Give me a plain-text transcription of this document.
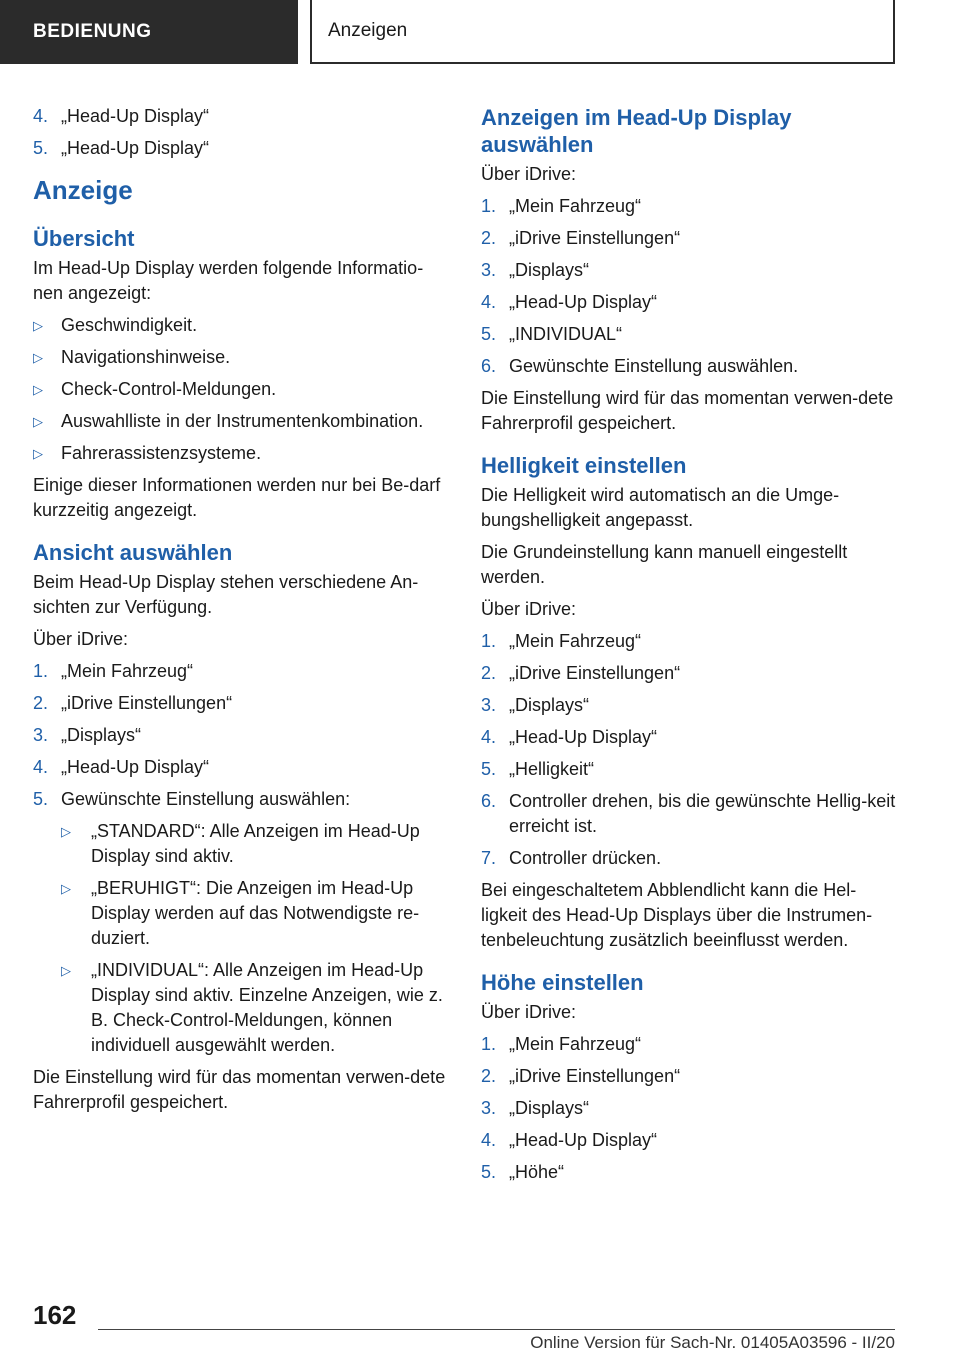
BEDIENUNG	Anzeigen
4. „Head-Up Display“
5. „Head-Up Display“
Anzeige
Übersicht

Im Head-Up Display werden folgende Informatio-nen angezeigt:

▷ Geschwindigkeit.
▷ Navigationshinweise.
▷ Check-Control-Meldungen.
▷ Auswahlliste in der Instrumentenkombination.
▷ Fahrerassistenzsysteme.

Einige dieser Informationen werden nur bei Be-darf kurzzeitig angezeigt.

Ansicht auswählen

Beim Head-Up Display stehen verschiedene An-sichten zur Verfügung.

Über iDrive:

1. „Mein Fahrzeug“
2. „iDrive Einstellungen“
3. „Displays“
4. „Head-Up Display“
5. Gewünschte Einstellung auswählen:
▷ „STANDARD“: Alle Anzeigen im Head-Up Display sind aktiv.
▷ „BERUHIGT“: Die Anzeigen im Head-Up Display werden auf das Notwendigste re-duziert.
▷ „INDIVIDUAL“: Alle Anzeigen im Head-Up Display sind aktiv. Einzelne Anzeigen, wie z. B. Check-Control-Meldungen, können individuell ausgewählt werden.

Die Einstellung wird für das momentan verwen-dete Fahrerprofil gespeichert.

Anzeigen im Head-Up Display auswählen

Über iDrive:

1. „Mein Fahrzeug“
2. „iDrive Einstellungen“
3. „Displays“
4. „Head-Up Display“
5. „INDIVIDUAL“
6. Gewünschte Einstellung auswählen.

Die Einstellung wird für das momentan verwen-dete Fahrerprofil gespeichert.

Helligkeit einstellen

Die Helligkeit wird automatisch an die Umge-bungshelligkeit angepasst.

Die Grundeinstellung kann manuell eingestellt werden.

Über iDrive:

1. „Mein Fahrzeug“
2. „iDrive Einstellungen“
3. „Displays“
4. „Head-Up Display“
5. „Helligkeit“
6. Controller drehen, bis die gewünschte Hellig-keit erreicht ist.
7. Controller drücken.

Bei eingeschaltetem Abblendlicht kann die Hel-ligkeit des Head-Up Displays über die Instrumen-tenbeleuchtung zusätzlich beeinflusst werden.

Höhe einstellen

Über iDrive:

1. „Mein Fahrzeug“
2. „iDrive Einstellungen“
3. „Displays“
4. „Head-Up Display“
5. „Höhe“
162
Online Version für Sach-Nr. 01405A03596 - II/20
